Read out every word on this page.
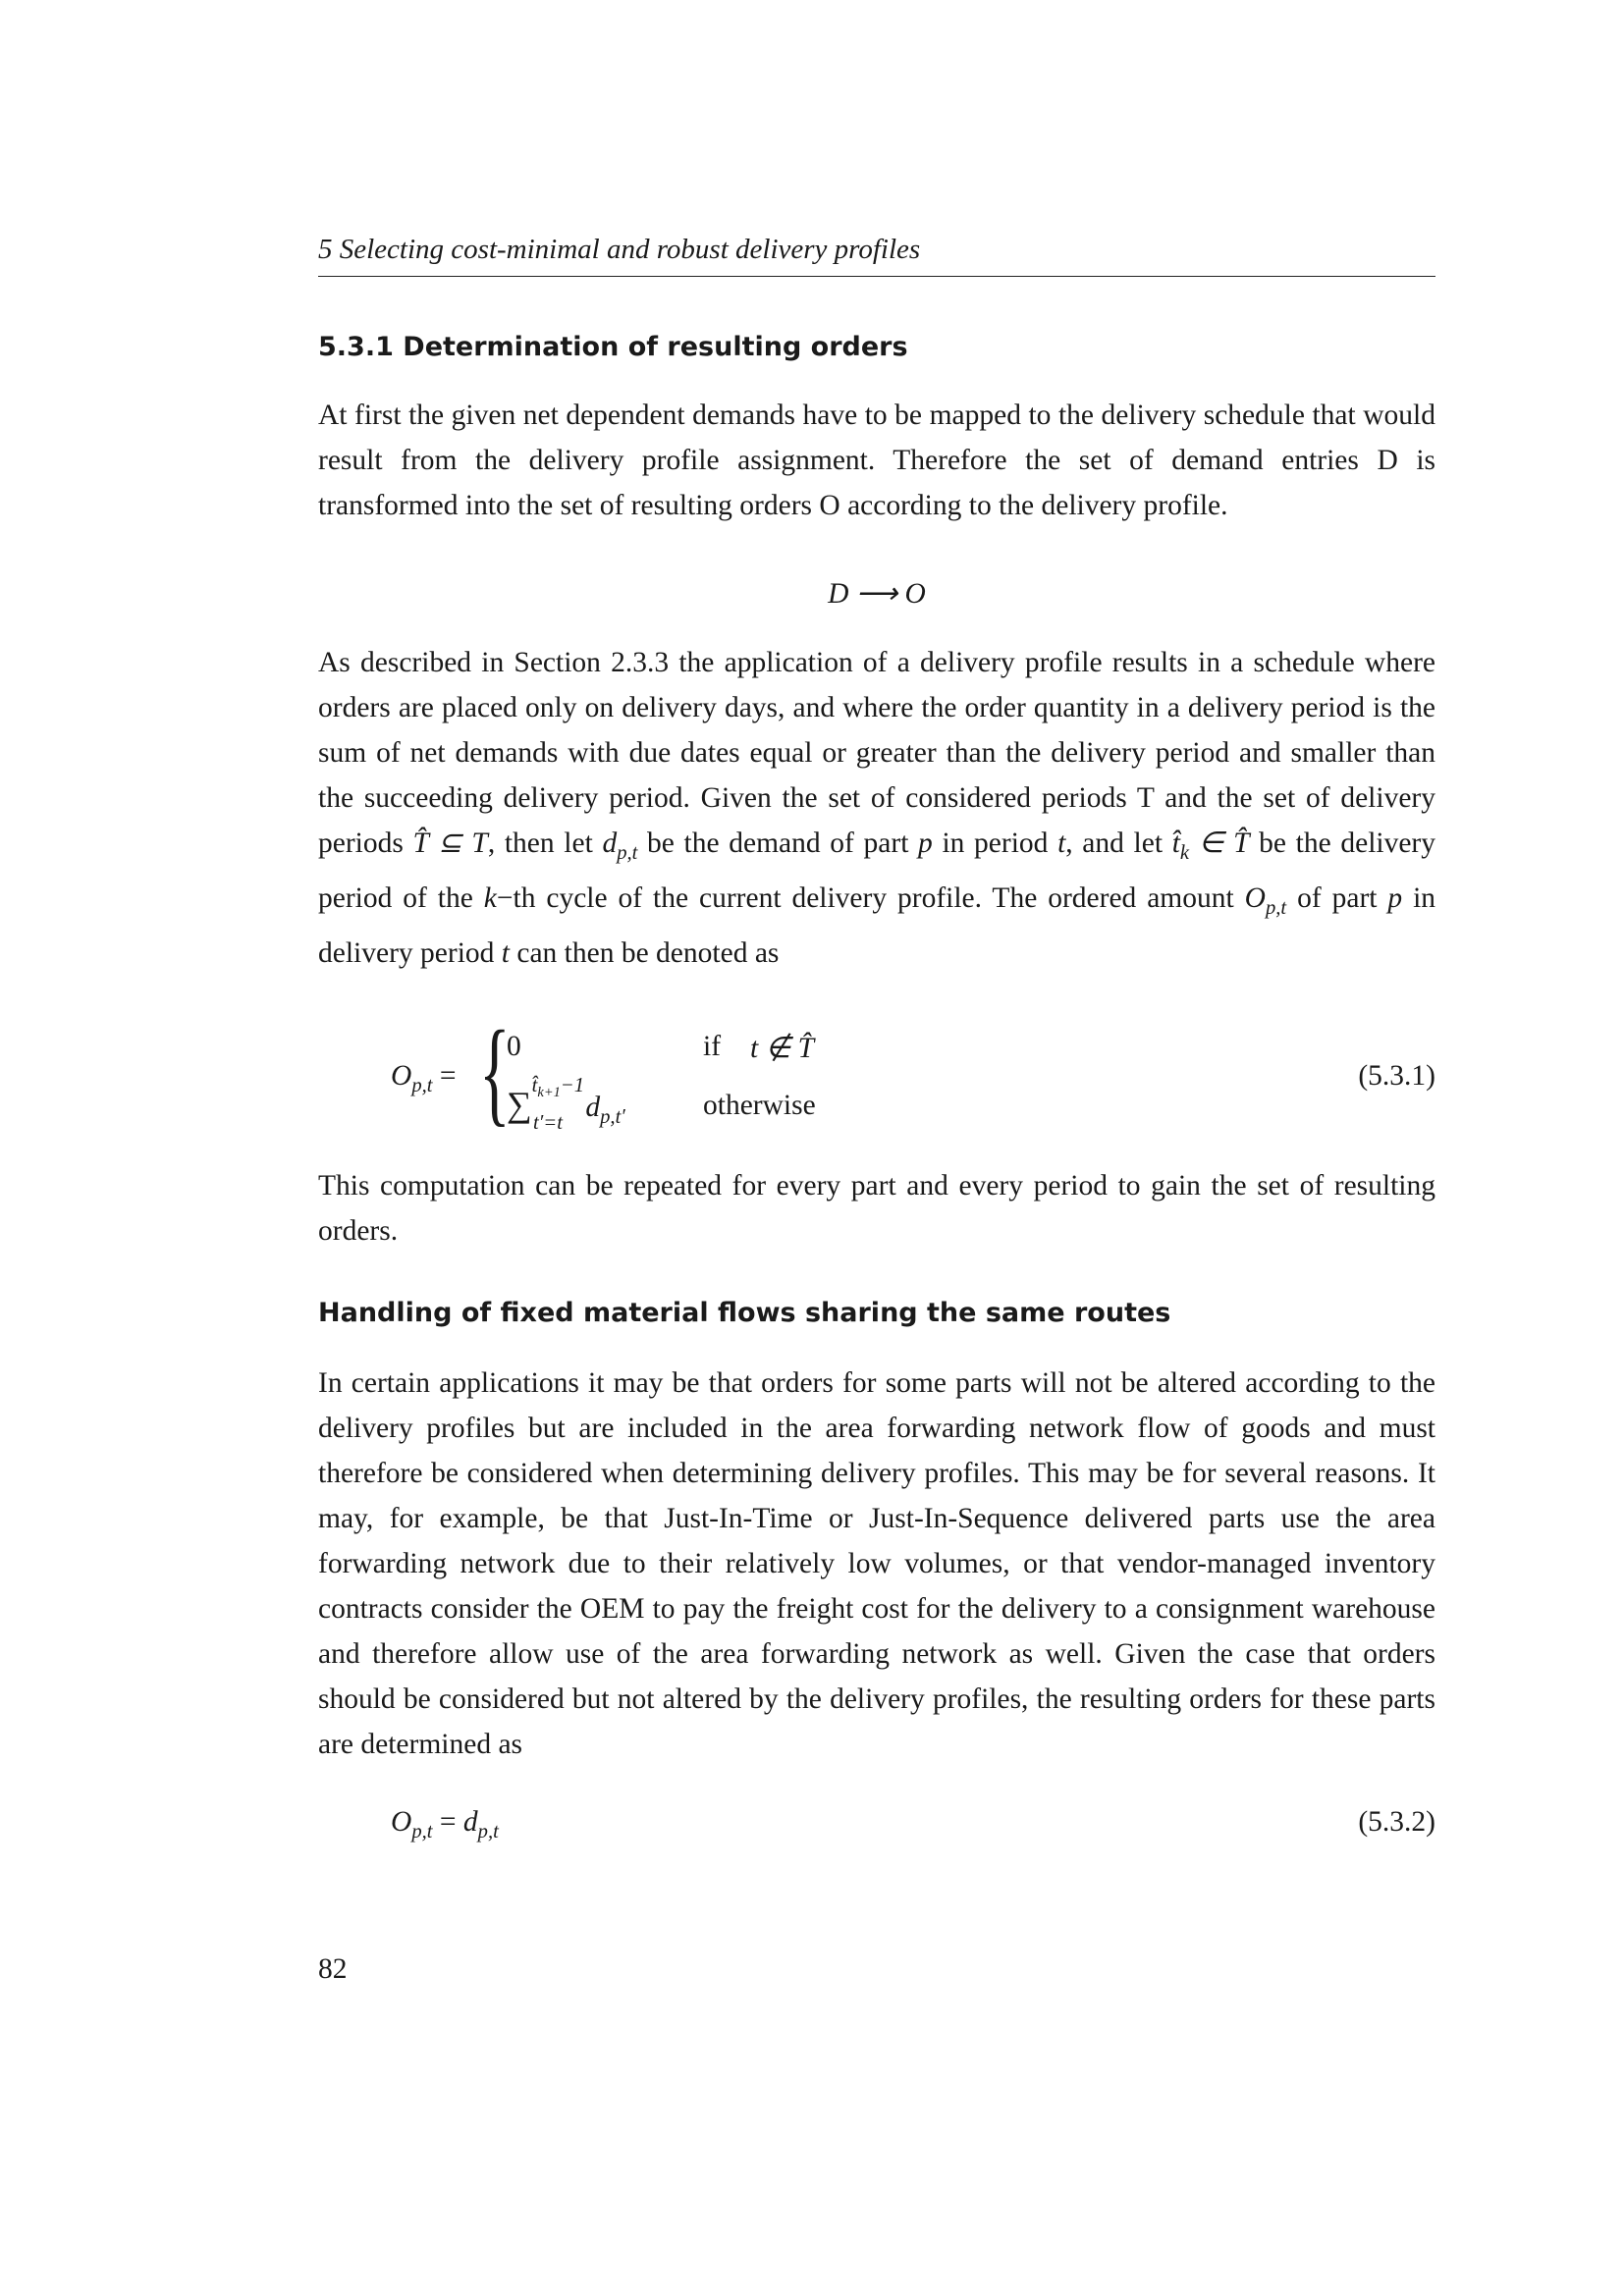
5 Selecting cost-minimal and robust delivery profiles
5.3.1 Determination of resulting orders

At first the given net dependent demands have to be mapped to the delivery schedule that would result from the delivery profile assignment. Therefore the set of demand entries D is transformed into the set of resulting orders O according to the delivery profile.

D ⟶ O

As described in Section 2.3.3 the application of a delivery profile results in a schedule where orders are placed only on delivery days, and where the order quantity in a delivery period is the sum of net demands with due dates equal or greater than the delivery period and smaller than the succeeding delivery period. Given the set of considered periods T and the set of delivery periods T̂ ⊆ T, then let $d_{p,t}$ be the demand of part p in period t, and let $t̂_k$ ∈ T̂ be the delivery period of the k−th cycle of the current delivery profile. The ordered amount $O_{p,t}$ of part p in delivery period t can then be denoted as

$O_{p,t}$ = {
0	if t ∉ T̂
∑$^{t̂_{k+1}-1}_{t'=t}$ $d_{p,t'}$	otherwise
(5.3.1)

This computation can be repeated for every part and every period to gain the set of resulting orders.

Handling of fixed material flows sharing the same routes

In certain applications it may be that orders for some parts will not be altered according to the delivery profiles but are included in the area forwarding network flow of goods and must therefore be considered when determining delivery profiles. This may be for several reasons. It may, for example, be that Just-In-Time or Just-In-Sequence delivered parts use the area forwarding network due to their relatively low volumes, or that vendor-managed inventory contracts consider the OEM to pay the freight cost for the delivery to a consignment warehouse and therefore allow use of the area forwarding network as well. Given the case that orders should be considered but not altered by the delivery profiles, the resulting orders for these parts are determined as

$O_{p,t} = d_{p,t}$	(5.3.2)
82
